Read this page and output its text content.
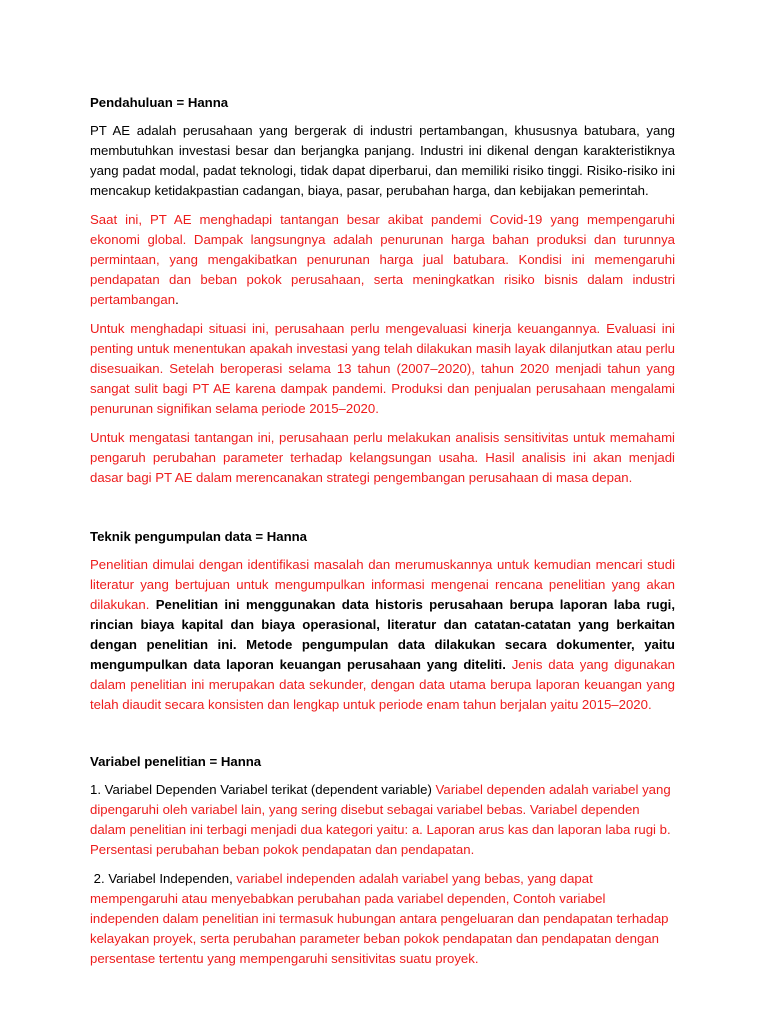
Pendahuluan = Hanna

PT AE adalah perusahaan yang bergerak di industri pertambangan, khususnya batubara, yang membutuhkan investasi besar dan berjangka panjang. Industri ini dikenal dengan karakteristiknya yang padat modal, padat teknologi, tidak dapat diperbarui, dan memiliki risiko tinggi. Risiko-risiko ini mencakup ketidakpastian cadangan, biaya, pasar, perubahan harga, dan kebijakan pemerintah.

Saat ini, PT AE menghadapi tantangan besar akibat pandemi Covid-19 yang mempengaruhi ekonomi global. Dampak langsungnya adalah penurunan harga bahan produksi dan turunnya permintaan, yang mengakibatkan penurunan harga jual batubara. Kondisi ini memengaruhi pendapatan dan beban pokok perusahaan, serta meningkatkan risiko bisnis dalam industri pertambangan.

Untuk menghadapi situasi ini, perusahaan perlu mengevaluasi kinerja keuangannya. Evaluasi ini penting untuk menentukan apakah investasi yang telah dilakukan masih layak dilanjutkan atau perlu disesuaikan. Setelah beroperasi selama 13 tahun (2007–2020), tahun 2020 menjadi tahun yang sangat sulit bagi PT AE karena dampak pandemi. Produksi dan penjualan perusahaan mengalami penurunan signifikan selama periode 2015–2020.

Untuk mengatasi tantangan ini, perusahaan perlu melakukan analisis sensitivitas untuk memahami pengaruh perubahan parameter terhadap kelangsungan usaha. Hasil analisis ini akan menjadi dasar bagi PT AE dalam merencanakan strategi pengembangan perusahaan di masa depan.

Teknik pengumpulan data = Hanna

Penelitian dimulai dengan identifikasi masalah dan merumuskannya untuk kemudian mencari studi literatur yang bertujuan untuk mengumpulkan informasi mengenai rencana penelitian yang akan dilakukan. Penelitian ini menggunakan data historis perusahaan berupa laporan laba rugi, rincian biaya kapital dan biaya operasional, literatur dan catatan-catatan yang berkaitan dengan penelitian ini. Metode pengumpulan data dilakukan secara dokumenter, yaitu mengumpulkan data laporan keuangan perusahaan yang diteliti. Jenis data yang digunakan dalam penelitian ini merupakan data sekunder, dengan data utama berupa laporan keuangan yang telah diaudit secara konsisten dan lengkap untuk periode enam tahun berjalan yaitu 2015–2020.

Variabel penelitian = Hanna

1. Variabel Dependen Variabel terikat (dependent variable) Variabel dependen adalah variabel yang dipengaruhi oleh variabel lain, yang sering disebut sebagai variabel bebas. Variabel dependen dalam penelitian ini terbagi menjadi dua kategori yaitu: a. Laporan arus kas dan laporan laba rugi b. Persentasi perubahan beban pokok pendapatan dan pendapatan.

2. Variabel Independen, variabel independen adalah variabel yang bebas, yang dapat mempengaruhi atau menyebabkan perubahan pada variabel dependen, Contoh variabel independen dalam penelitian ini termasuk hubungan antara pengeluaran dan pendapatan terhadap kelayakan proyek, serta perubahan parameter beban pokok pendapatan dan pendapatan dengan persentase tertentu yang mempengaruhi sensitivitas suatu proyek.
